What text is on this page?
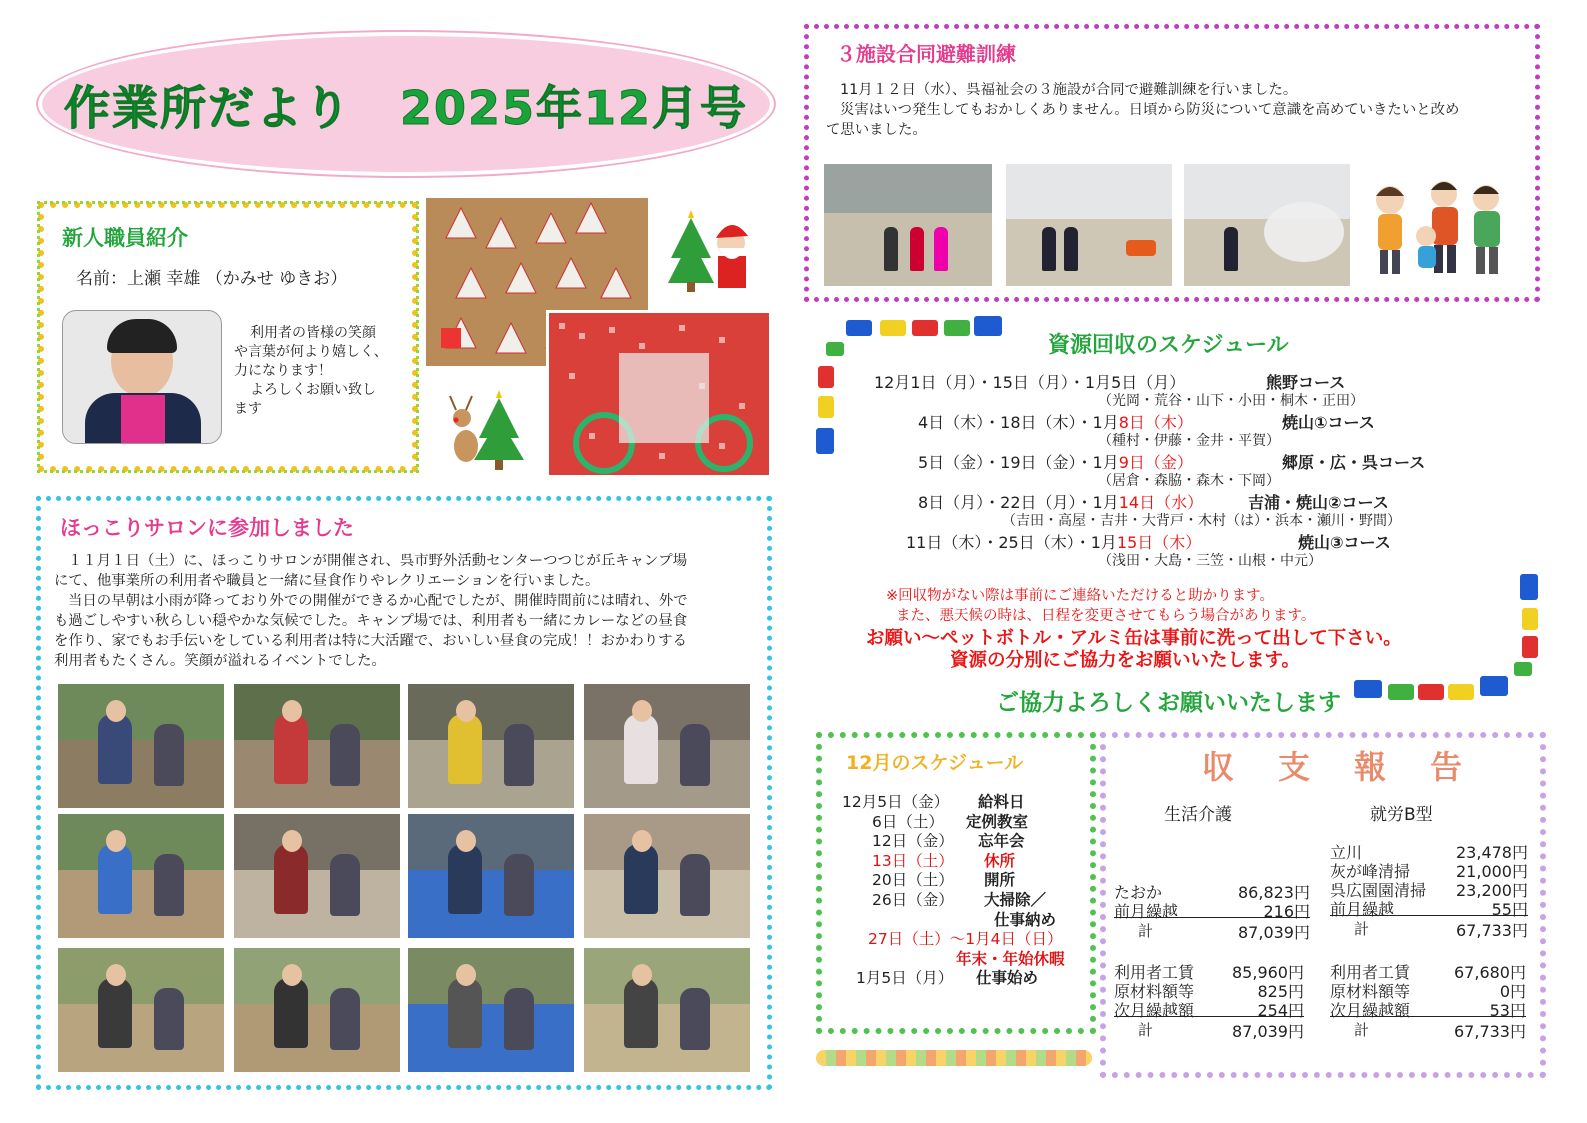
作業所だより　2025年12月号
新人職員紹介
名前：上瀬 幸雄 （かみせ ゆきお）
利用者の皆様の笑顔
や言葉が何より嬉しく、
力になります！
よろしくお願い致し
ます
ほっこりサロンに参加しました
１１月１日（土）に、ほっこりサロンが開催され、呉市野外活動センターつつじが丘キャンプ場
にて、他事業所の利用者や職員と一緒に昼食作りやレクリエーションを行いました。
当日の早朝は小雨が降っており外での開催ができるか心配でしたが、開催時間前には晴れ、外で
も過ごしやすい秋らしい穏やかな気候でした。キャンプ場では、利用者も一緒にカレーなどの昼食
を作り、家でもお手伝いをしている利用者は特に大活躍で、おいしい昼食の完成！！おかわりする
利用者もたくさん。笑顔が溢れるイベントでした。
３施設合同避難訓練
11月１２日（水）、呉福祉会の３施設が合同で避難訓練を行いました。
災害はいつ発生してもおかしくありません。日頃から防災について意識を高めていきたいと改め
て思いました。
資源回収のスケジュール
12月1日（月）・15日（月）・1月5日（月）	熊野コース
（光岡・荒谷・山下・小田・桐木・正田）
4日（木）・18日（木）・1月8日（木）	焼山①コース
（種村・伊藤・金井・平賀）
5日（金）・19日（金）・1月9日（金）	郷原・広・呉コース
（居倉・森脇・森木・下岡）
8日（月）・22日（月）・1月14日（水）	吉浦・焼山②コース
（吉田・高屋・吉井・大背戸・木村（は）・浜本・瀬川・野間）
11日（木）・25日（木）・1月15日（木）	焼山③コース
（浅田・大島・三笠・山根・中元）
※回収物がない際は事前にご連絡いただけると助かります。
また、悪天候の時は、日程を変更させてもらう場合があります。
お願い～ペットボトル・アルミ缶は事前に洗って出して下さい。
資源の分別にご協力をお願いいたします。
ご協力よろしくお願いいたします
12月のスケジュール
12月5日（金） 給料日
6日（土） 定例教室
12日（金） 忘年会
13日（土） 休所
20日（土） 開所
26日（金） 大掃除／
仕事納め
27日（土）～1月4日（日）
年末・年始休暇
1月5日（月） 仕事始め
収　支　報　告
生活介護	就労B型
たおか	86,823円
前月繰越	216円
計	87,039円
立川	23,478円
灰が峰清掃	21,000円
呉広園園清掃	23,200円
前月繰越	55円
計	67,733円
利用者工賃	85,960円
原材料額等	825円
次月繰越額	254円
計	87,039円
利用者工賃	67,680円
原材料額等	0円
次月繰越額	53円
計	67,733円
